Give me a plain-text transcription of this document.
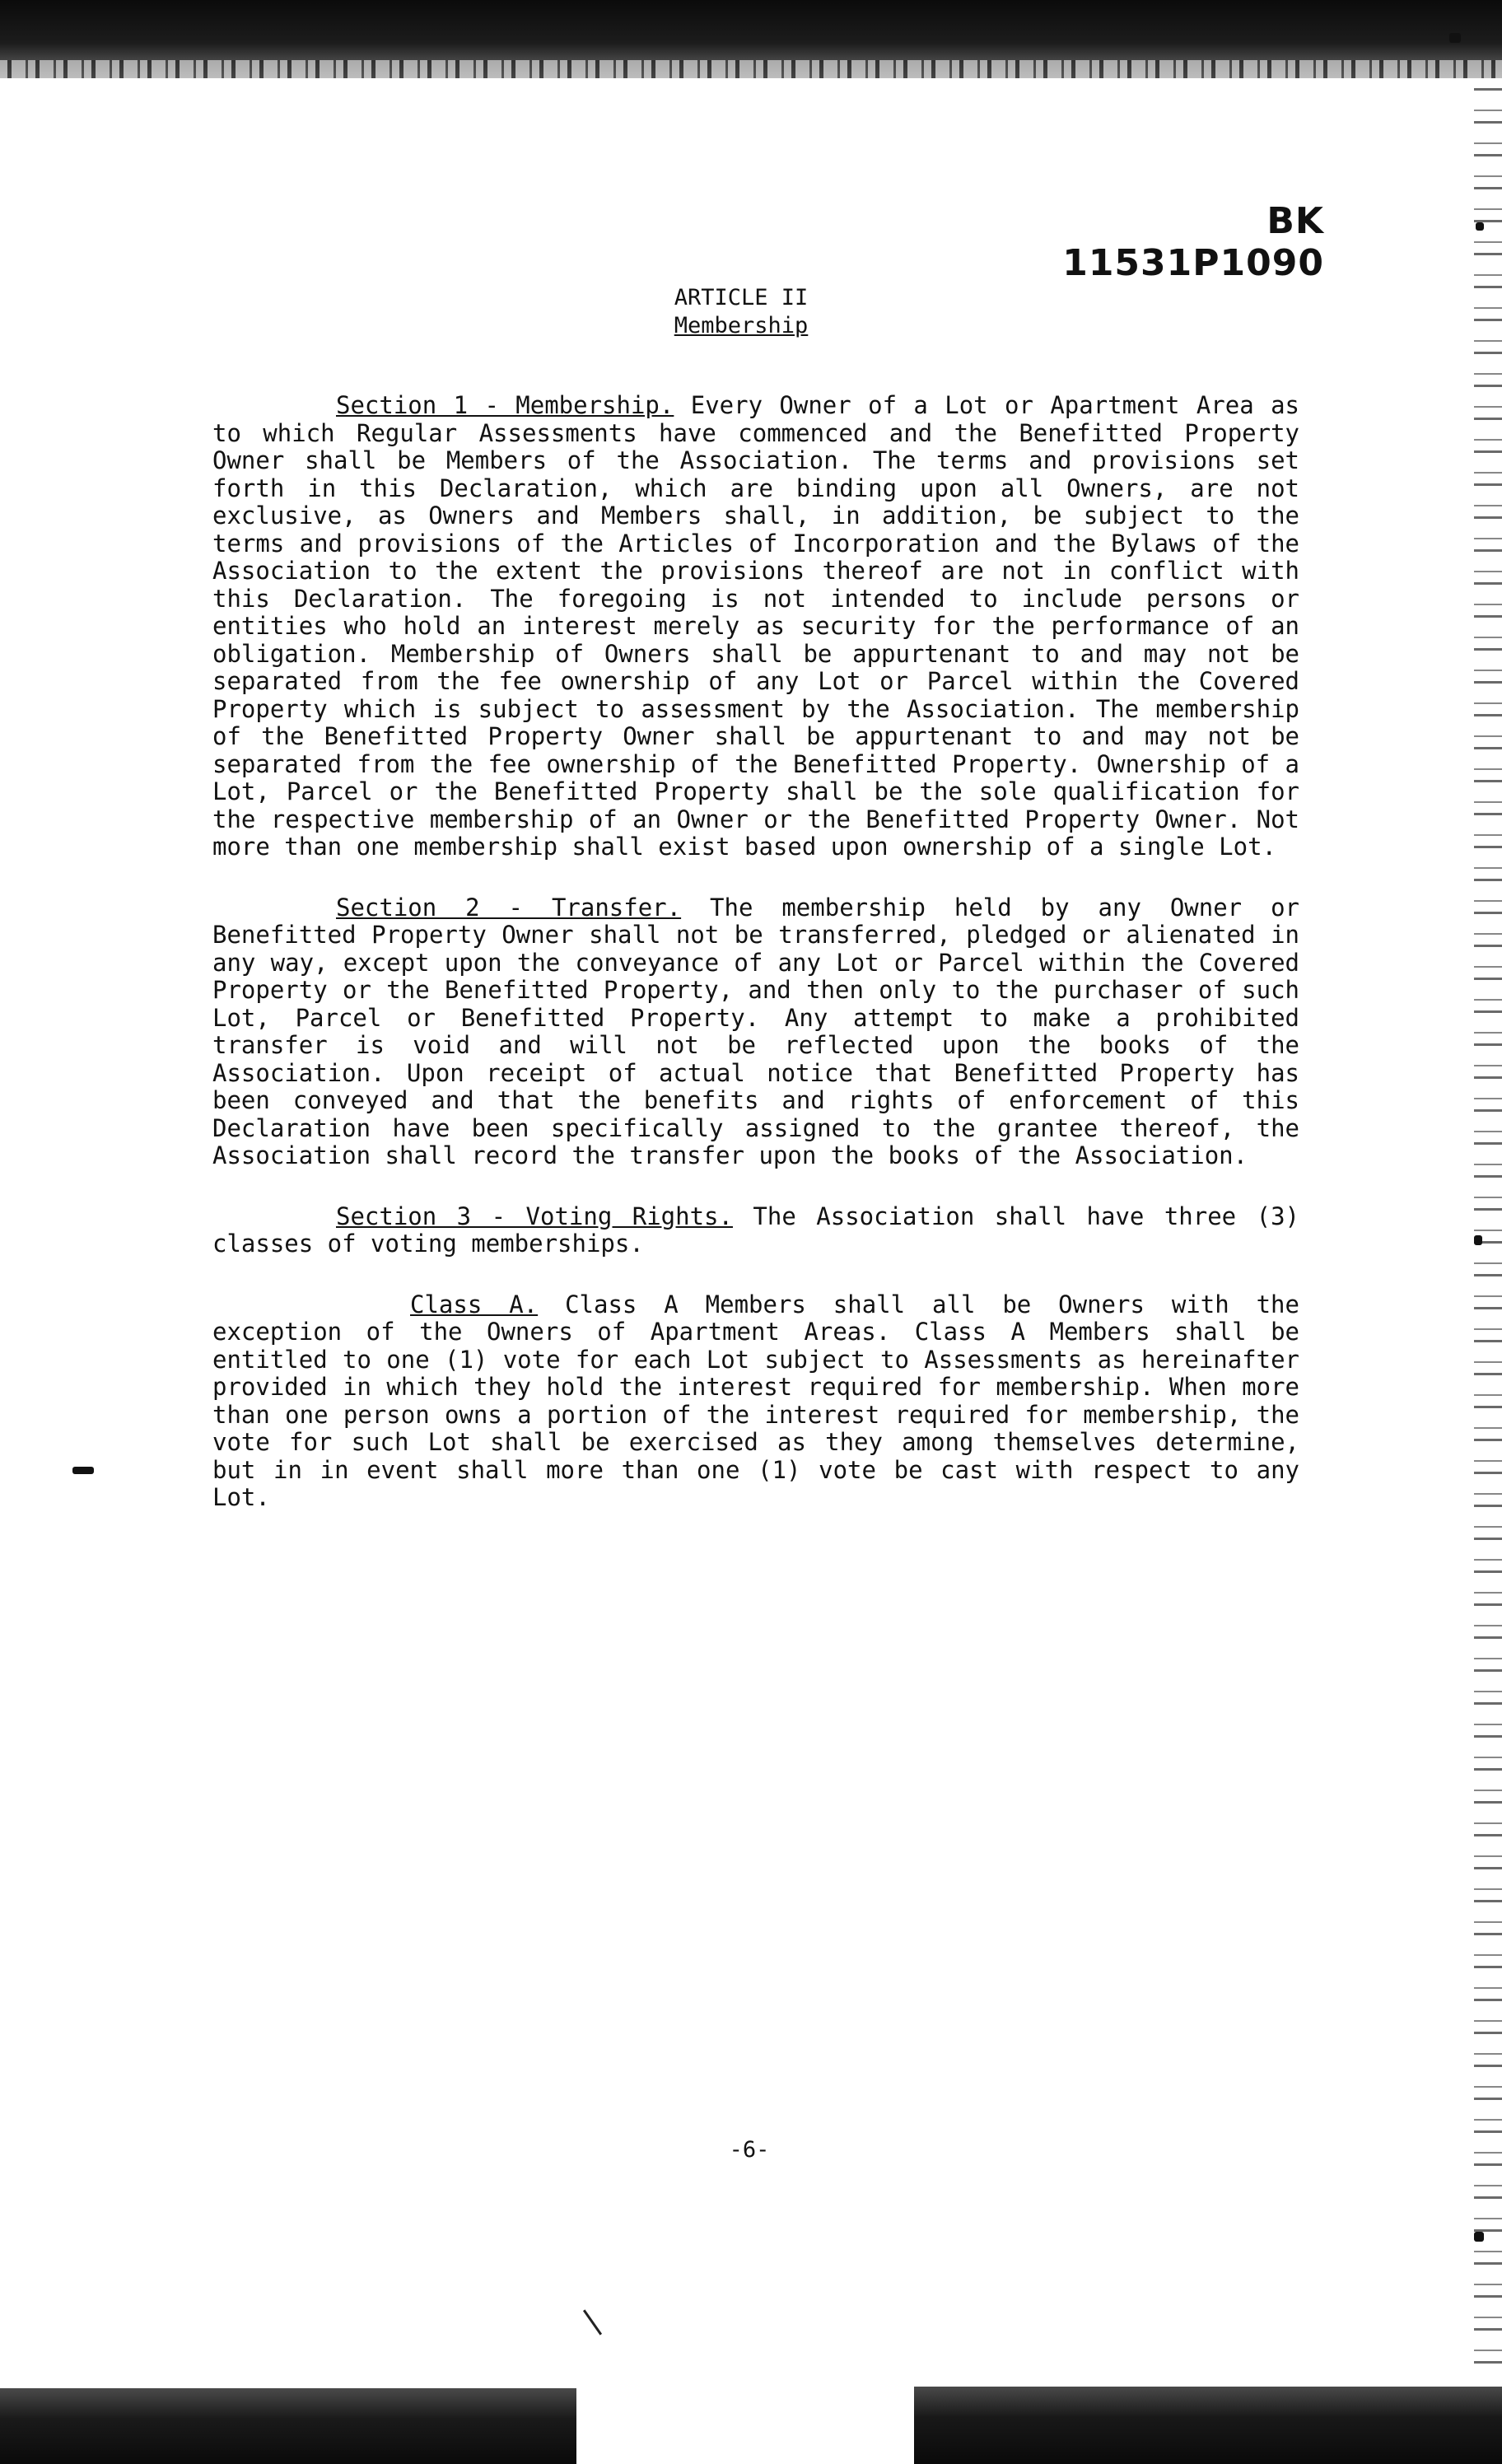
BK 11531P1090
ARTICLE II
Membership

Section 1 - Membership. Every Owner of a Lot or Apartment Area as to which Regular Assessments have commenced and the Benefitted Property Owner shall be Members of the Association. The terms and provisions set forth in this Declaration, which are binding upon all Owners, are not exclusive, as Owners and Members shall, in addition, be subject to the terms and provisions of the Articles of Incorporation and the Bylaws of the Association to the extent the provisions thereof are not in conflict with this Declaration. The foregoing is not intended to include persons or entities who hold an interest merely as security for the performance of an obligation. Membership of Owners shall be appurtenant to and may not be separated from the fee ownership of any Lot or Parcel within the Covered Property which is subject to assessment by the Association. The membership of the Benefitted Property Owner shall be appurtenant to and may not be separated from the fee ownership of the Benefitted Property. Ownership of a Lot, Parcel or the Benefitted Property shall be the sole qualification for the respective membership of an Owner or the Benefitted Property Owner. Not more than one membership shall exist based upon ownership of a single Lot.

Section 2 - Transfer. The membership held by any Owner or Benefitted Property Owner shall not be transferred, pledged or alienated in any way, except upon the conveyance of any Lot or Parcel within the Covered Property or the Benefitted Property, and then only to the purchaser of such Lot, Parcel or Benefitted Property. Any attempt to make a prohibited transfer is void and will not be reflected upon the books of the Association. Upon receipt of actual notice that Benefitted Property has been conveyed and that the benefits and rights of enforcement of this Declaration have been specifically assigned to the grantee thereof, the Association shall record the transfer upon the books of the Association.

Section 3 - Voting Rights. The Association shall have three (3) classes of voting memberships.

Class A. Class A Members shall all be Owners with the exception of the Owners of Apartment Areas. Class A Members shall be entitled to one (1) vote for each Lot subject to Assessments as hereinafter provided in which they hold the interest required for membership. When more than one person owns a portion of the interest required for membership, the vote for such Lot shall be exercised as they among themselves determine, but in in event shall more than one (1) vote be cast with respect to any Lot.

-6-
